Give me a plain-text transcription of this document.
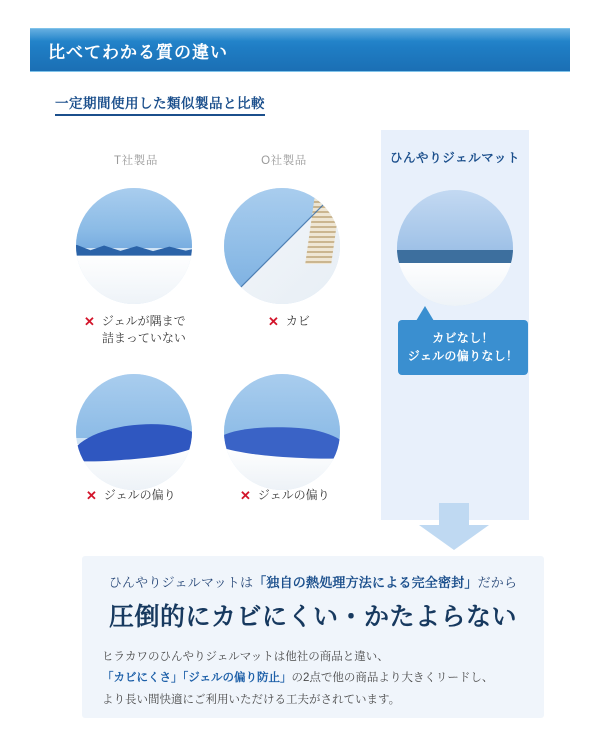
比べてわかる質の違い
一定期間使用した類似製品と比較
T社製品	O社製品	ひんやりジェルマット
✕ ジェルが隅まで
詰まっていない
✕ カビ
カビなし！
ジェルの偏りなし！
✕ ジェルの偏り	✕ ジェルの偏り
ひんやりジェルマットは「独自の熱処理方法による完全密封」だから
圧倒的にカビにくい・かたよらない
ヒラカワのひんやりジェルマットは他社の商品と違い、
「カビにくさ」「ジェルの偏り防止」の2点で他の商品より大きくリードし、
より長い間快適にご利用いただける工夫がされています。
